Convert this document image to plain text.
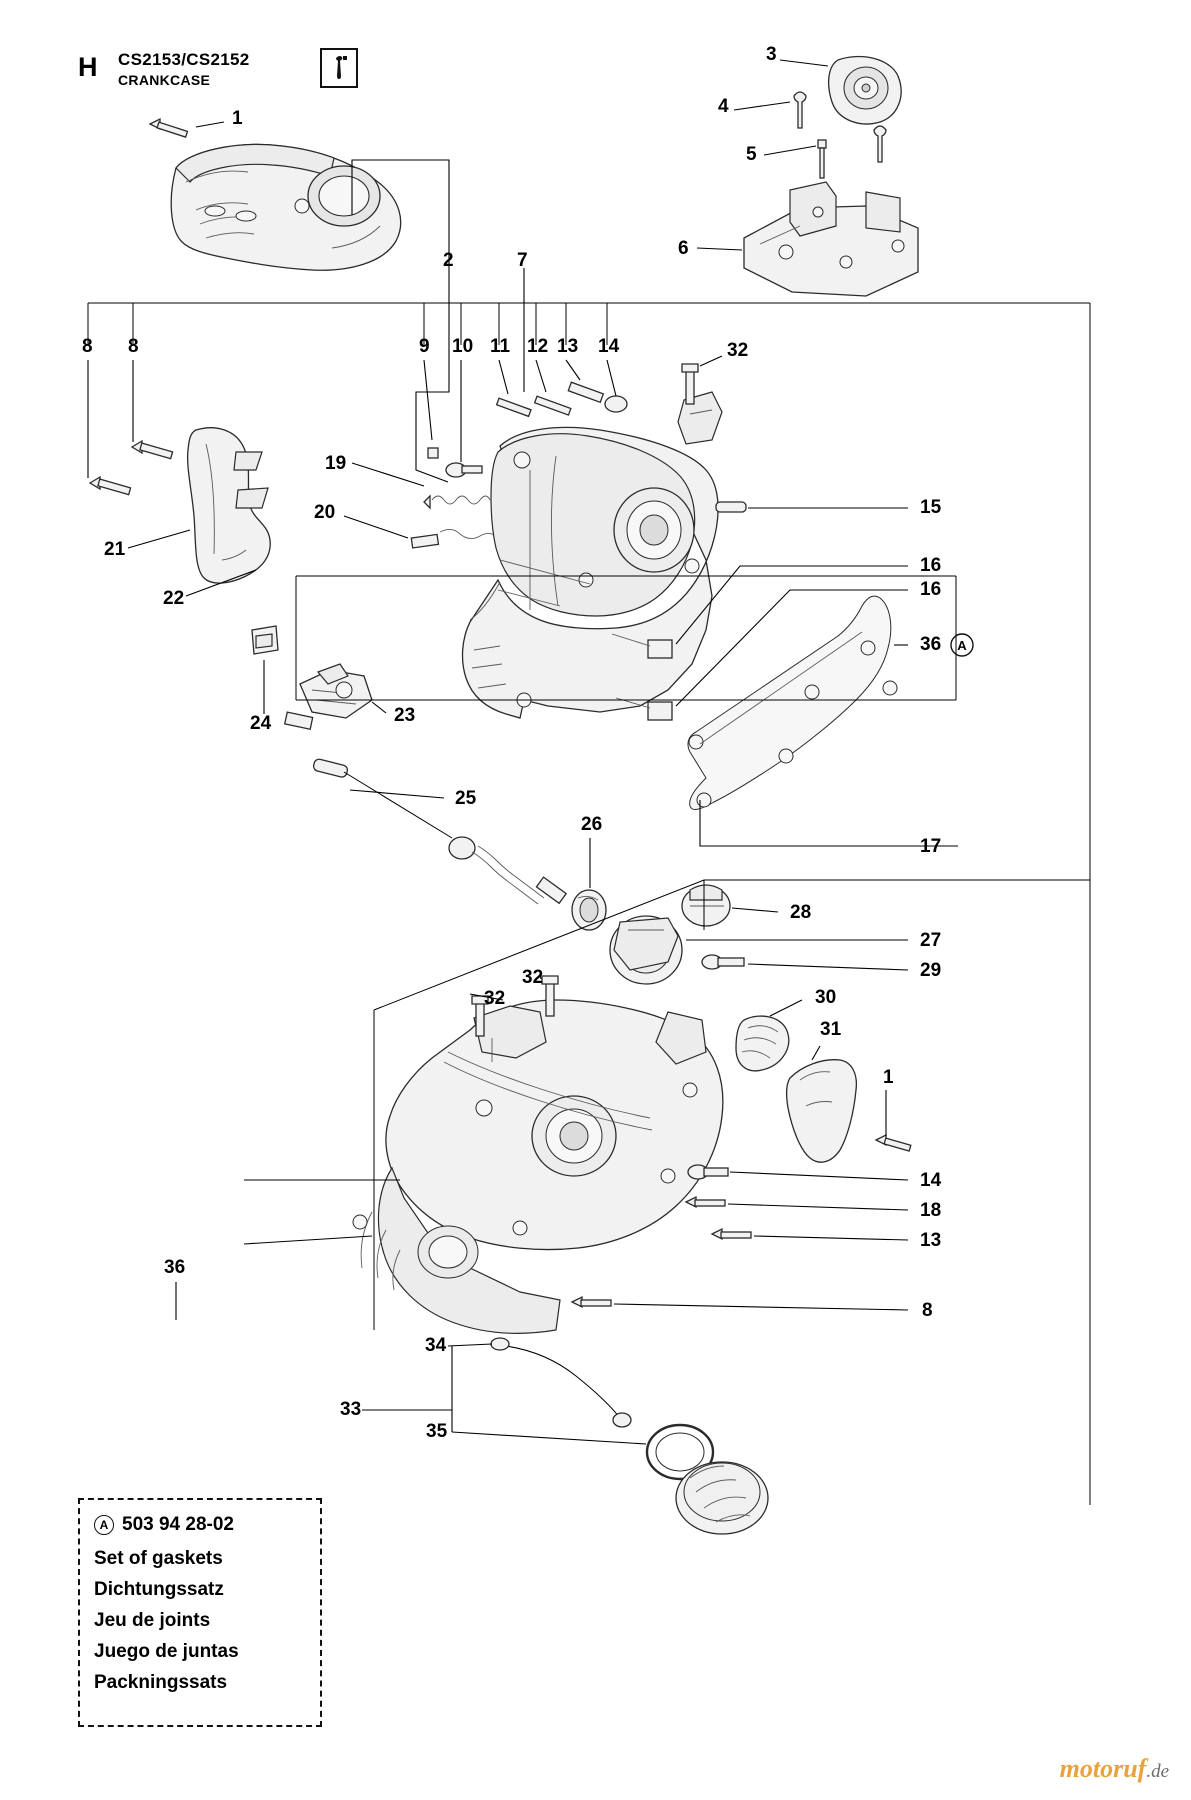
H CS2153/CS2152
CRANKCASE
A
1
3
4
5
6
2	7
8 8	9 10 11 12 13 14	32
19
20	15
21
16
16
22
36
24	23
25
26
17
28
27
29
32
32	30
31
1
14
18
13
36
8
34
33
35
A 503 94 28-02
Set of gaskets
Dichtungssatz
Jeu de joints
Juego de juntas
Packningssats
motoruf.de
